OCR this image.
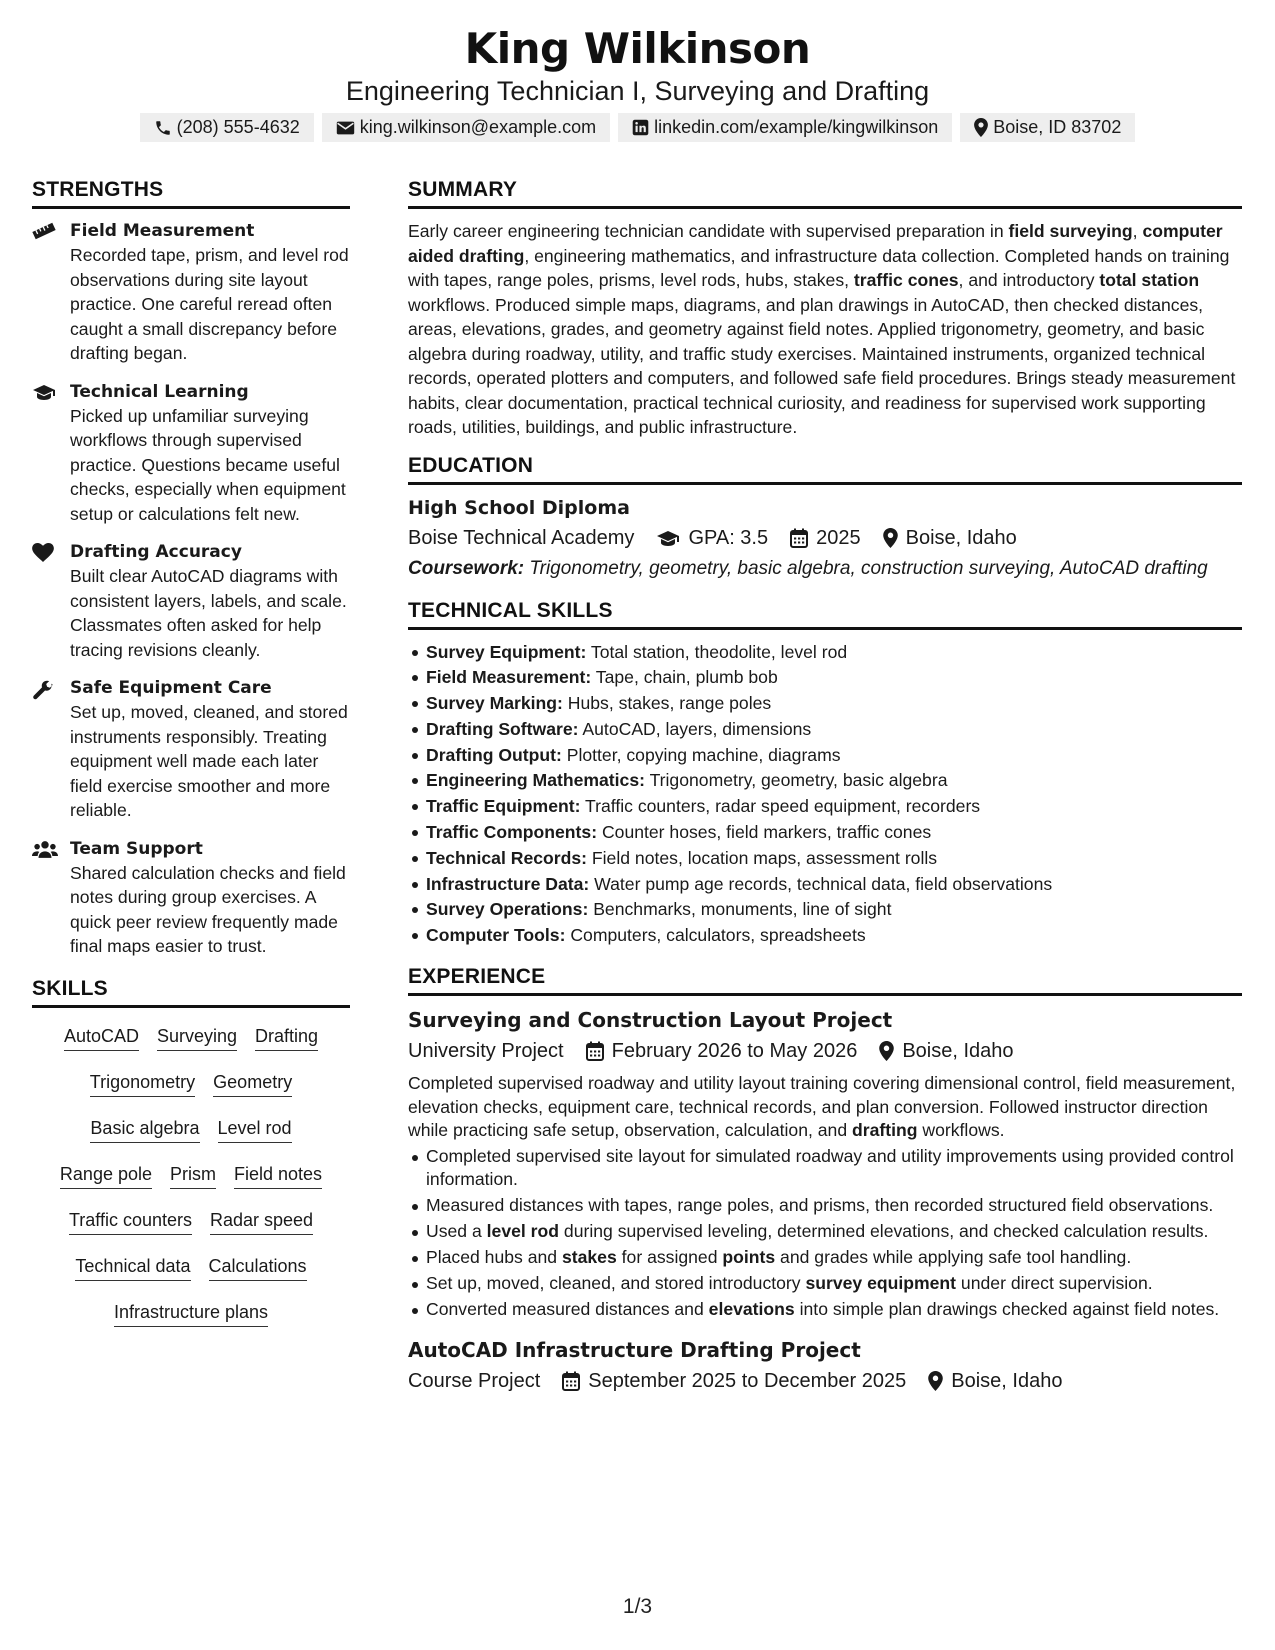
King Wilkinson
Engineering Technician I, Surveying and Drafting
(208) 555-4632	king.wilkinson@example.com	linkedin.com/example/kingwilkinson	Boise, ID 83702
STRENGTHS
Field Measurement
Recorded tape, prism, and level rod observations during site layout practice. One careful reread often caught a small discrepancy before drafting began.
Technical Learning
Picked up unfamiliar surveying workflows through supervised practice. Questions became useful checks, especially when equipment setup or calculations felt new.
Drafting Accuracy
Built clear AutoCAD diagrams with consistent layers, labels, and scale. Classmates often asked for help tracing revisions cleanly.
Safe Equipment Care
Set up, moved, cleaned, and stored instruments responsibly. Treating equipment well made each later field exercise smoother and more reliable.
Team Support
Shared calculation checks and field notes during group exercises. A quick peer review frequently made final maps easier to trust.
SKILLS
AutoCAD Surveying Drafting
Trigonometry Geometry
Basic algebra Level rod
Range pole Prism Field notes
Traffic counters Radar speed
Technical data Calculations
Infrastructure plans
SUMMARY

Early career engineering technician candidate with supervised preparation in field surveying, computer aided drafting, engineering mathematics, and infrastructure data collection. Completed hands on training with tapes, range poles, prisms, level rods, hubs, stakes, traffic cones, and introductory total station workflows. Produced simple maps, diagrams, and plan drawings in AutoCAD, then checked distances, areas, elevations, grades, and geometry against field notes. Applied trigonometry, geometry, and basic algebra during roadway, utility, and traffic study exercises. Maintained instruments, organized technical records, operated plotters and computers, and followed safe field procedures. Brings steady measurement habits, clear documentation, practical technical curiosity, and readiness for supervised work supporting roads, utilities, buildings, and public infrastructure.

EDUCATION
High School Diploma
Boise Technical Academy	GPA: 3.5 2025 Boise, Idaho
Coursework: Trigonometry, geometry, basic algebra, construction surveying, AutoCAD drafting
TECHNICAL SKILLS
Survey Equipment: Total station, theodolite, level rod
Field Measurement: Tape, chain, plumb bob
Survey Marking: Hubs, stakes, range poles
Drafting Software: AutoCAD, layers, dimensions
Drafting Output: Plotter, copying machine, diagrams
Engineering Mathematics: Trigonometry, geometry, basic algebra
Traffic Equipment: Traffic counters, radar speed equipment, recorders
Traffic Components: Counter hoses, field markers, traffic cones
Technical Records: Field notes, location maps, assessment rolls
Infrastructure Data: Water pump age records, technical data, field observations
Survey Operations: Benchmarks, monuments, line of sight
Computer Tools: Computers, calculators, spreadsheets
EXPERIENCE
Surveying and Construction Layout Project
University Project February 2026 to May 2026 Boise, Idaho

Completed supervised roadway and utility layout training covering dimensional control, field measurement, elevation checks, equipment care, technical records, and plan conversion. Followed instructor direction while practicing safe setup, observation, calculation, and drafting workflows.

Completed supervised site layout for simulated roadway and utility improvements using provided control information.
Measured distances with tapes, range poles, and prisms, then recorded structured field observations.
Used a level rod during supervised leveling, determined elevations, and checked calculation results.
Placed hubs and stakes for assigned points and grades while applying safe tool handling.
Set up, moved, cleaned, and stored introductory survey equipment under direct supervision.
Converted measured distances and elevations into simple plan drawings checked against field notes.
AutoCAD Infrastructure Drafting Project
Course Project September 2025 to December 2025 Boise, Idaho
1/3
